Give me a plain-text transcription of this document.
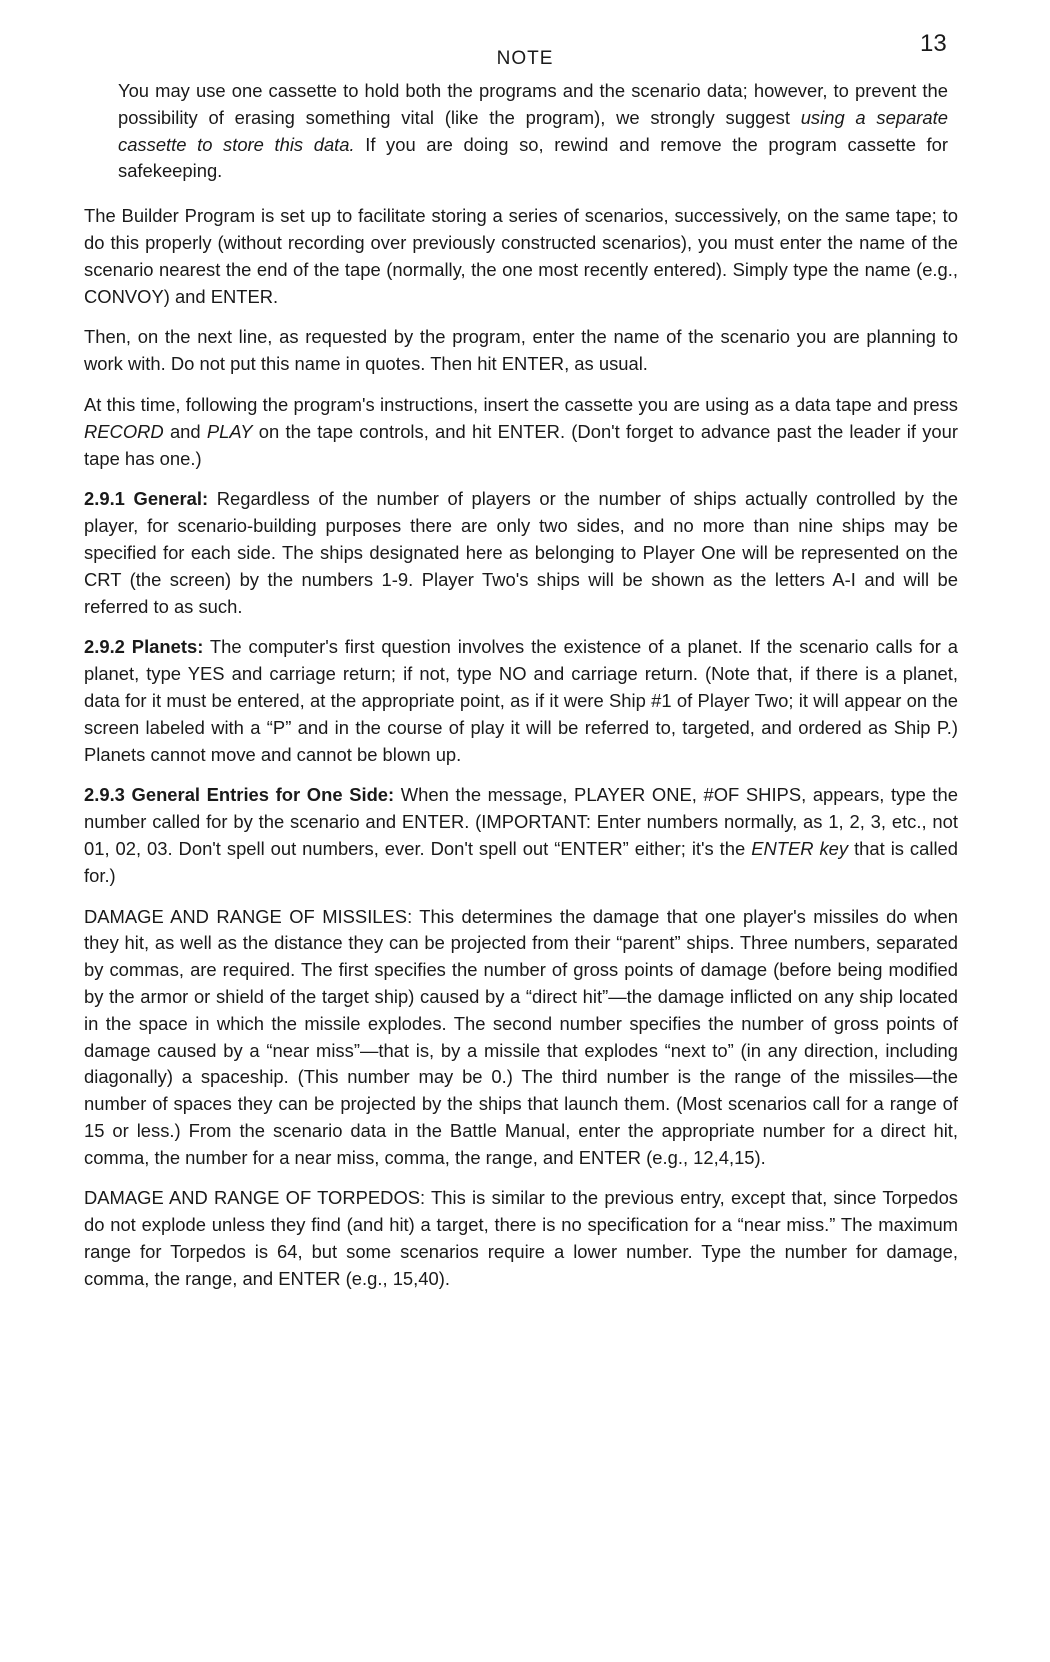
13
NOTE

You may use one cassette to hold both the programs and the scenario data; however, to prevent the possibility of erasing something vital (like the program), we strongly suggest using a separate cassette to store this data. If you are doing so, rewind and remove the program cassette for safekeeping.

The Builder Program is set up to facilitate storing a series of scenarios, successively, on the same tape; to do this properly (without recording over previously constructed scenarios), you must enter the name of the scenario nearest the end of the tape (normally, the one most recently entered). Simply type the name (e.g., CONVOY) and ENTER.

Then, on the next line, as requested by the program, enter the name of the scenario you are planning to work with. Do not put this name in quotes. Then hit ENTER, as usual.

At this time, following the program's instructions, insert the cassette you are using as a data tape and press RECORD and PLAY on the tape controls, and hit ENTER. (Don't forget to advance past the leader if your tape has one.)

2.9.1 General: Regardless of the number of players or the number of ships actually controlled by the player, for scenario-building purposes there are only two sides, and no more than nine ships may be specified for each side. The ships designated here as belonging to Player One will be represented on the CRT (the screen) by the numbers 1-9. Player Two's ships will be shown as the letters A-I and will be referred to as such.

2.9.2 Planets: The computer's first question involves the existence of a planet. If the scenario calls for a planet, type YES and carriage return; if not, type NO and carriage return. (Note that, if there is a planet, data for it must be entered, at the appropriate point, as if it were Ship #1 of Player Two; it will appear on the screen labeled with a “P” and in the course of play it will be referred to, targeted, and ordered as Ship P.) Planets cannot move and cannot be blown up.

2.9.3 General Entries for One Side: When the message, PLAYER ONE, #OF SHIPS, appears, type the number called for by the scenario and ENTER. (IMPORTANT: Enter numbers normally, as 1, 2, 3, etc., not 01, 02, 03. Don't spell out numbers, ever. Don't spell out “ENTER” either; it's the ENTER key that is called for.)

DAMAGE AND RANGE OF MISSILES: This determines the damage that one player's missiles do when they hit, as well as the distance they can be projected from their “parent” ships. Three numbers, separated by commas, are required. The first specifies the number of gross points of damage (before being modified by the armor or shield of the target ship) caused by a “direct hit”—the damage inflicted on any ship located in the space in which the missile explodes. The second number specifies the number of gross points of damage caused by a “near miss”—that is, by a missile that explodes “next to” (in any direction, including diagonally) a spaceship. (This number may be 0.) The third number is the range of the missiles—the number of spaces they can be projected by the ships that launch them. (Most scenarios call for a range of 15 or less.) From the scenario data in the Battle Manual, enter the appropriate number for a direct hit, comma, the number for a near miss, comma, the range, and ENTER (e.g., 12,4,15).

DAMAGE AND RANGE OF TORPEDOS: This is similar to the previous entry, except that, since Torpedos do not explode unless they find (and hit) a target, there is no specification for a “near miss.” The maximum range for Torpedos is 64, but some scenarios require a lower number. Type the number for damage, comma, the range, and ENTER (e.g., 15,40).
